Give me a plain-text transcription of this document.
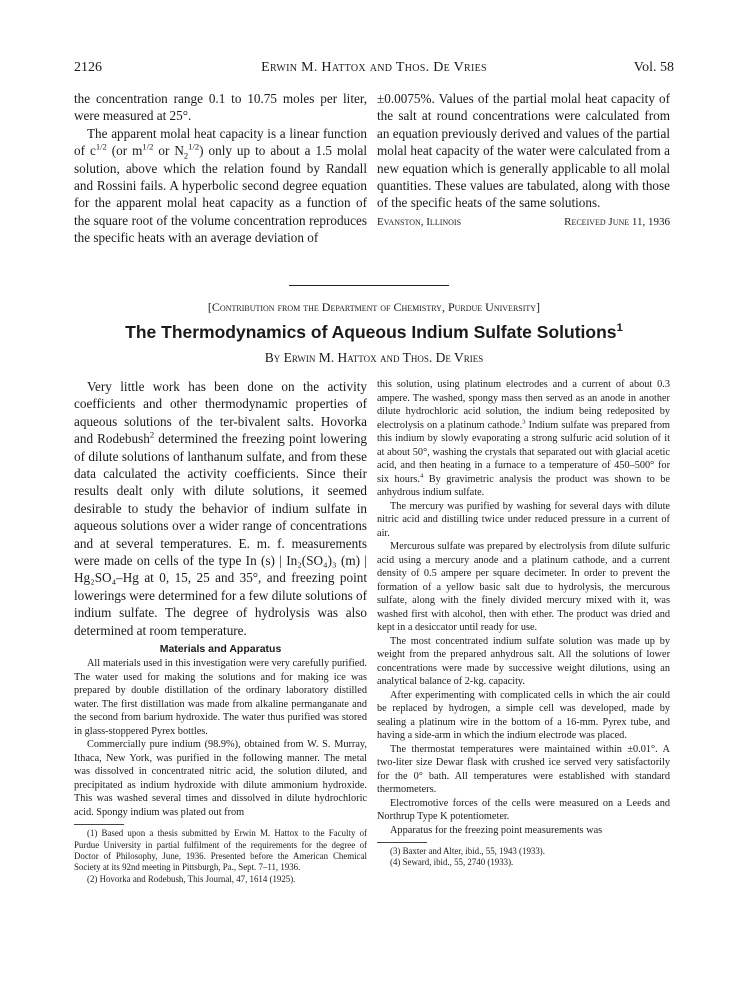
2126	Erwin M. Hattox and Thos. De Vries	Vol. 58

the concentration range 0.1 to 10.75 moles per liter, were measured at 25°.

The apparent molal heat capacity is a linear function of $c^{1/2}$ (or $m^{1/2}$ or $N_2^{1/2}$) only up to about a 1.5 molal solution, above which the relation found by Randall and Rossini fails. A hyperbolic second degree equation for the apparent molal heat capacity as a function of the square root of the volume concentration reproduces the specific heats with an average deviation of

±0.0075%. Values of the partial molal heat capacity of the salt at round concentrations were calculated from an equation previously derived and values of the partial molal heat capacity of the water were calculated from a new equation which is generally applicable to all molal quantities. These values are tabulated, along with those of the specific heats of the same solutions.

Evanston, Illinois	Received June 11, 1936
[Contribution from the Department of Chemistry, Purdue University]
The Thermodynamics of Aqueous Indium Sulfate Solutions$^1$
By Erwin M. Hattox and Thos. De Vries

Very little work has been done on the activity coefficients and other thermodynamic properties of aqueous solutions of the ter-bivalent salts. Hovorka and Rodebush$^2$ determined the freezing point lowering of dilute solutions of lanthanum sulfate, and from these data calculated the activity coefficients. Since their results dealt only with dilute solutions, it seemed desirable to study the behavior of indium sulfate in aqueous solutions over a wider range of concentrations and at several temperatures. E. m. f. measurements were made on cells of the type In (s) | In₂(SO₄)₃ (m) | Hg₂SO₄–Hg at 0, 15, 25 and 35°, and freezing point lowerings were determined for a few dilute solutions of indium sulfate. The degree of hydrolysis was also determined at room temperature.

Materials and Apparatus

All materials used in this investigation were very carefully purified. The water used for making the solutions and for making ice was prepared by double distillation of the ordinary laboratory distilled water. The first distillation was made from alkaline permanganate and the second from barium hydroxide. The water thus purified was stored in glass-stoppered Pyrex bottles.

Commercially pure indium (98.9%), obtained from W. S. Murray, Ithaca, New York, was purified in the following manner. The metal was dissolved in concentrated nitric acid, the solution diluted, and precipitated as indium hydroxide with dilute ammonium hydroxide. This was washed several times and dissolved in dilute hydrochloric acid. Spongy indium was plated out from

(1) Based upon a thesis submitted by Erwin M. Hattox to the Faculty of Purdue University in partial fulfilment of the requirements for the degree of Doctor of Philosophy, June, 1936. Presented before the American Chemical Society at its 92nd meeting in Pittsburgh, Pa., Sept. 7–11, 1936.

(2) Hovorka and Rodebush, This Journal, 47, 1614 (1925).

this solution, using platinum electrodes and a current of about 0.3 ampere. The washed, spongy mass then served as an anode in another dilute hydrochloric acid solution, the indium being redeposited by electrolysis on a platinum cathode.$^3$ Indium sulfate was prepared from this indium by slowly evaporating a strong sulfuric acid solution of it at about 50°, washing the crystals that separated out with glacial acetic acid, and then heating in a furnace to a temperature of 450–500° for six hours.$^4$ By gravimetric analysis the product was shown to be anhydrous indium sulfate.

The mercury was purified by washing for several days with dilute nitric acid and distilling twice under reduced pressure in a current of air.

Mercurous sulfate was prepared by electrolysis from dilute sulfuric acid using a mercury anode and a platinum cathode, and a current density of 0.5 ampere per square decimeter. In order to prevent the formation of a yellow basic salt due to hydrolysis, the mercurous sulfate, along with the finely divided mercury mixed with it, was washed first with alcohol, then with ether. The product was dried and kept in a desiccator until ready for use.

The most concentrated indium sulfate solution was made up by weight from the prepared anhydrous salt. All the solutions of lower concentrations were made by successive weight dilutions, using an analytical balance of 2-kg. capacity.

After experimenting with complicated cells in which the air could be replaced by hydrogen, a simple cell was developed, made by sealing a platinum wire in the bottom of a 16-mm. Pyrex tube, and having a side-arm in which the indium electrode was placed.

The thermostat temperatures were maintained within ±0.01°. A two-liter size Dewar flask with crushed ice served very satisfactorily for the 0° bath. All temperatures were established with standard thermometers.

Electromotive forces of the cells were measured on a Leeds and Northrup Type K potentiometer.

Apparatus for the freezing point measurements was

(3) Baxter and Alter, ibid., 55, 1943 (1933).

(4) Seward, ibid., 55, 2740 (1933).
